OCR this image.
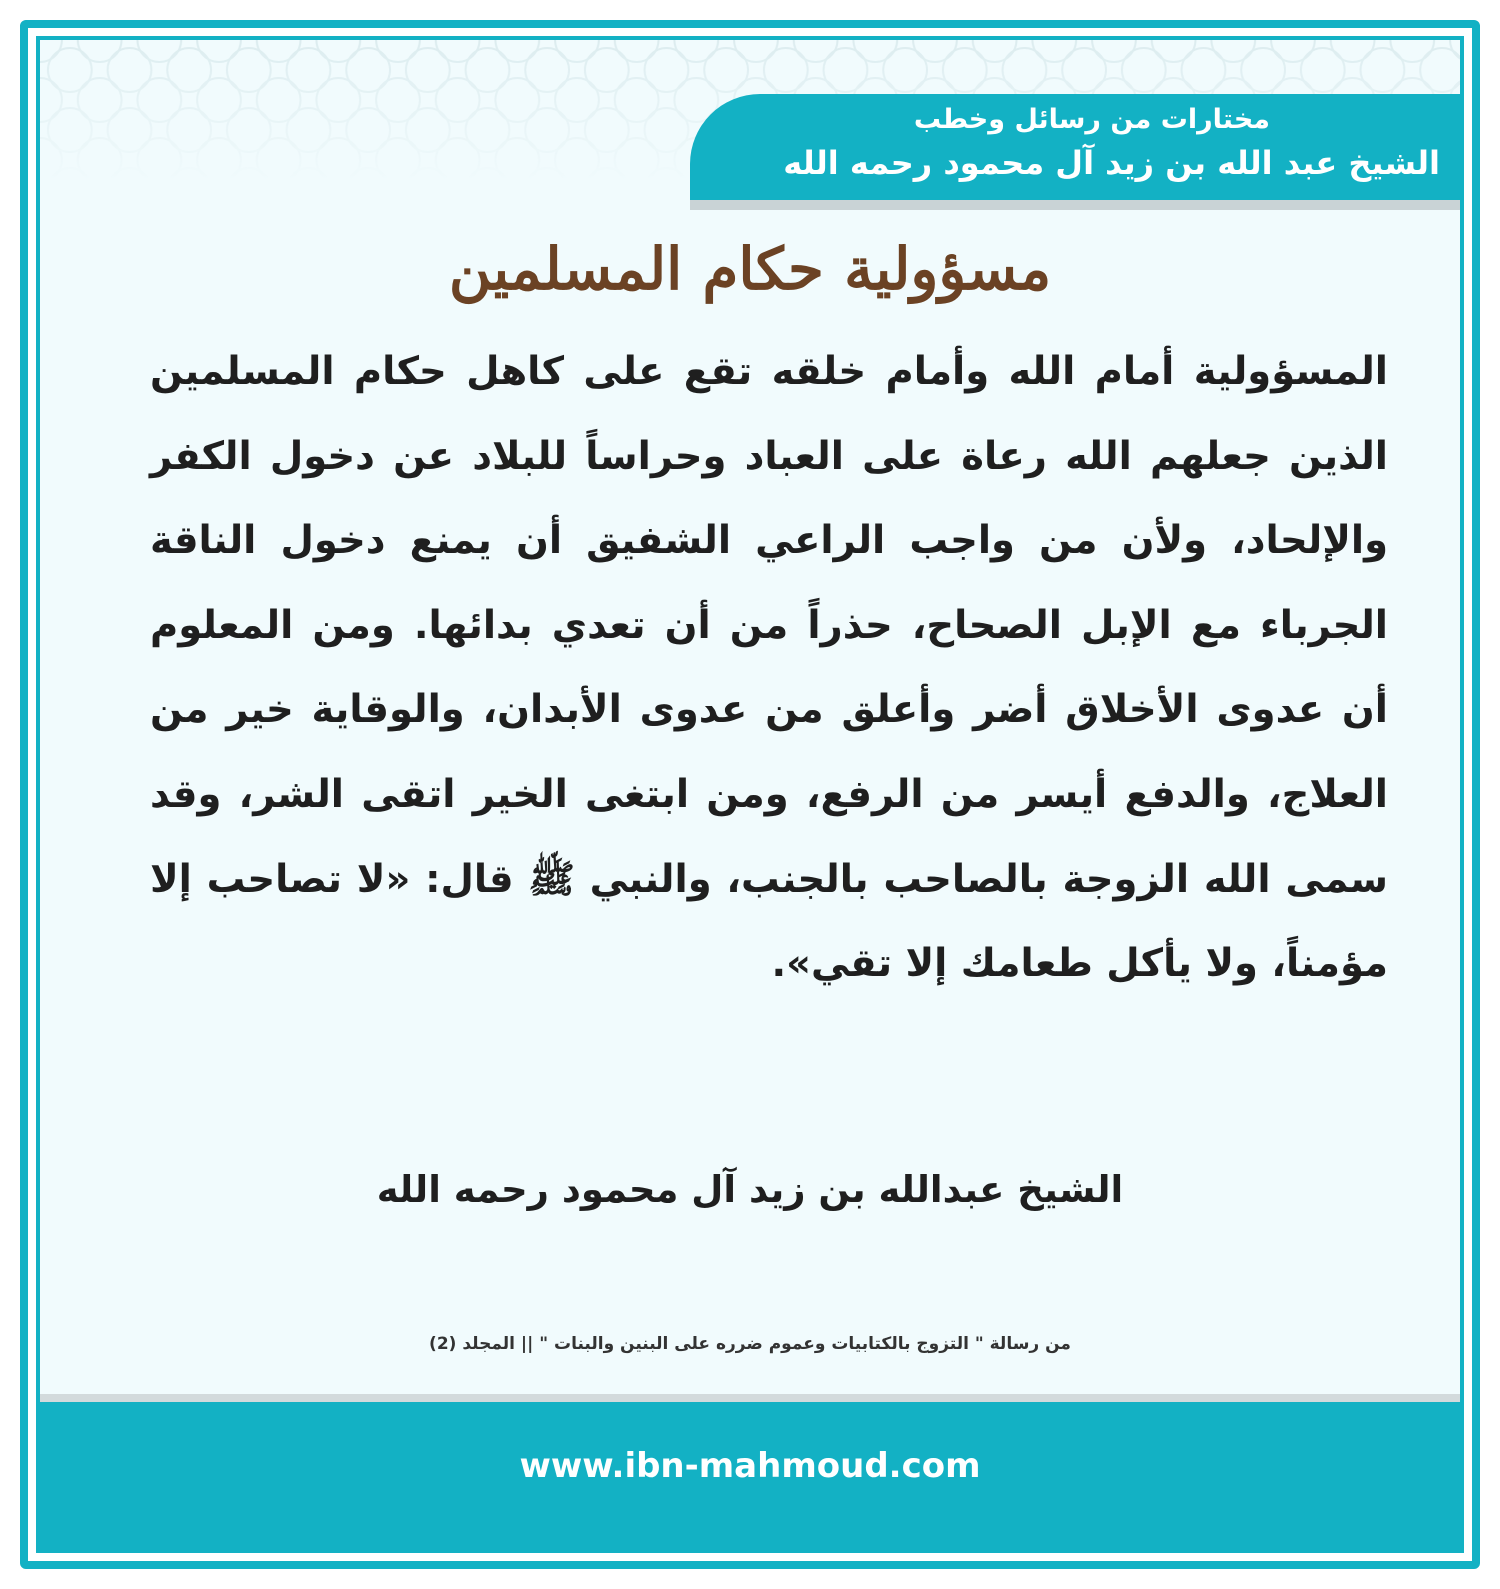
مختارات من رسائل وخطب
الشيخ عبد الله بن زيد آل محمود رحمه الله
مسؤولية حكام المسلمين
المسؤولية أمام الله وأمام خلقه تقع على كاهل حكام المسلمين الذين جعلهم الله رعاة على العباد وحراساً للبلاد عن دخول الكفر والإلحاد، ولأن من واجب الراعي الشفيق أن يمنع دخول الناقة الجرباء مع الإبل الصحاح، حذراً من أن تعدي بدائها. ومن المعلوم أن عدوى الأخلاق أضر وأعلق من عدوى الأبدان، والوقاية خير من العلاج، والدفع أيسر من الرفع، ومن ابتغى الخير اتقى الشر، وقد سمى الله الزوجة بالصاحب بالجنب، والنبي ﷺ قال: «لا تصاحب إلا مؤمناً، ولا يأكل طعامك إلا تقي».
الشيخ عبدالله بن زيد آل محمود رحمه الله
من رسالة " التزوج بالكتابيات وعموم ضرره على البنين والبنات " || المجلد (2)
www.ibn-mahmoud.com
